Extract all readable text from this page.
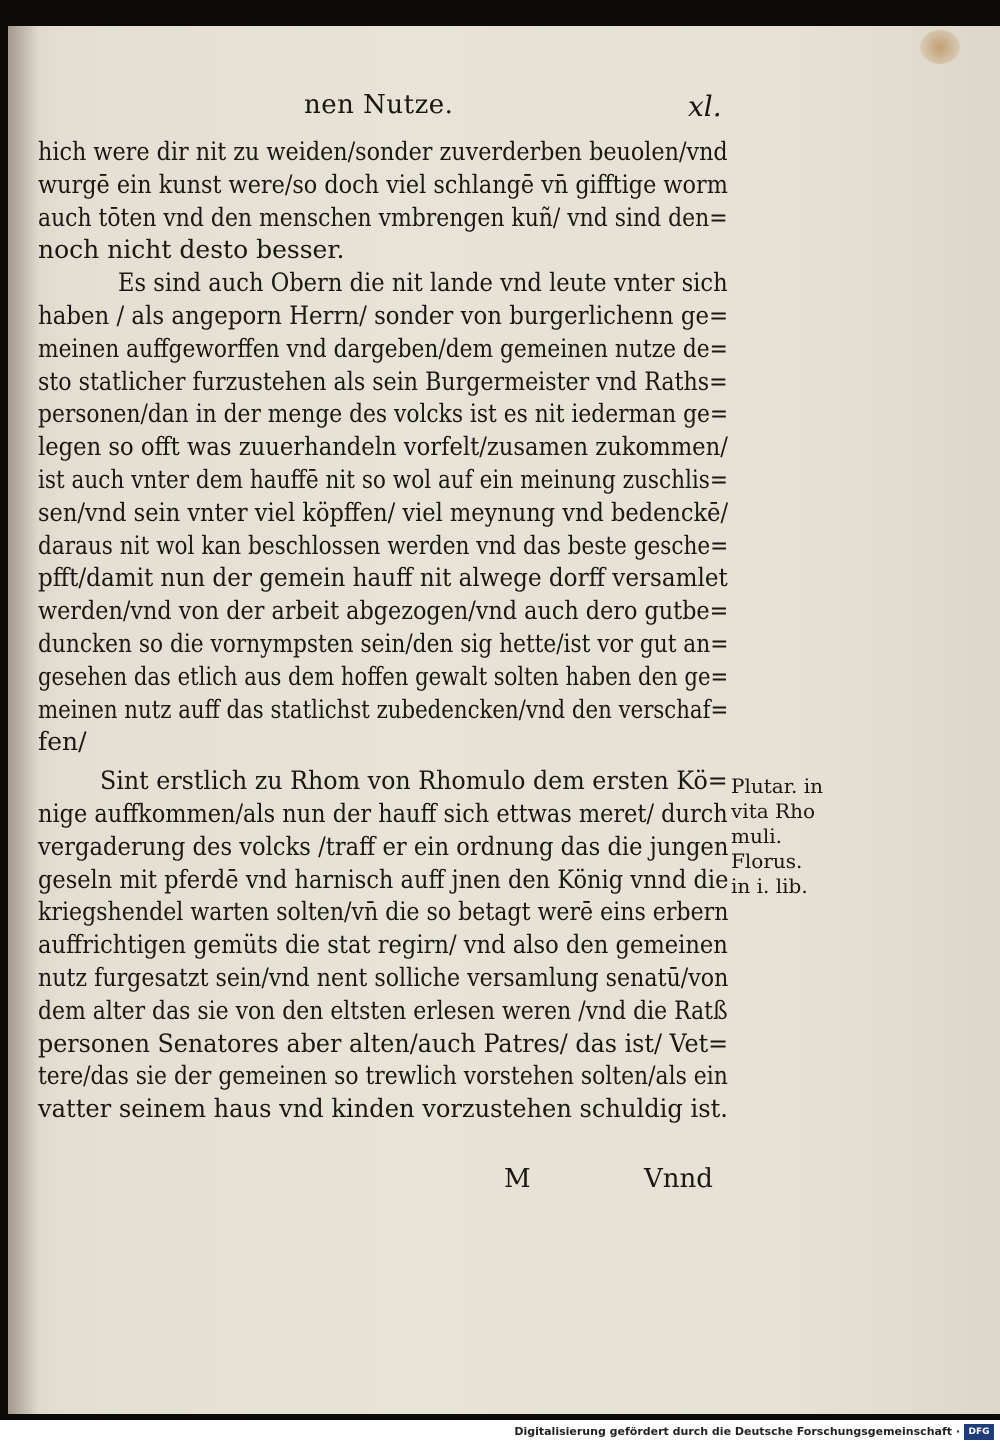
nen Nutze.	xl.
hich were dir nit zu weiden/sonder zuverderben beuolen/vnd
wurgē ein kunst were/so doch viel schlangē vn̄ gifftige worm
auch tōten vnd den menschen vmbrengen kuñ/ vnd sind den=
noch nicht desto besser.
Es sind auch Obern die nit lande vnd leute vnter sich
haben / als angeporn Herrn/ sonder von burgerlichenn ge=
meinen auffgeworffen vnd dargeben/dem gemeinen nutze de=
sto statlicher furzustehen als sein Burgermeister vnd Raths=
personen/dan in der menge des volcks ist es nit iederman ge=
legen so offt was zuuerhandeln vorfelt/zusamen zukommen/
ist auch vnter dem hauffē nit so wol auf ein meinung zuschlis=
sen/vnd sein vnter viel köpffen/ viel meynung vnd bedenckē/
daraus nit wol kan beschlossen werden vnd das beste gesche=
pfft/damit nun der gemein hauff nit alwege dorff versamlet
werden/vnd von der arbeit abgezogen/vnd auch dero gutbe=
duncken so die vornympsten sein/den sig hette/ist vor gut an=
gesehen das etlich aus dem hoffen gewalt solten haben den ge=
meinen nutz auff das statlichst zubedencken/vnd den verschaf=
fen/
Sint erstlich zu Rhom von Rhomulo dem ersten Kö=
nige auffkommen/als nun der hauff sich ettwas meret/ durch
vergaderung des volcks /traff er ein ordnung das die jungen
geseln mit pferdē vnd harnisch auff jnen den König vnnd die
kriegshendel warten solten/vn̄ die so betagt werē eins erbern
auffrichtigen gemüts die stat regirn/ vnd also den gemeinen
nutz furgesatzt sein/vnd nent solliche versamlung senatū/von
dem alter das sie von den eltsten erlesen weren /vnd die Ratß
personen Senatores aber alten/auch Patres/ das ist/ Vet=
tere/das sie der gemeinen so trewlich vorstehen solten/als ein
vatter seinem haus vnd kinden vorzustehen schuldig ist.
Plutar. in
vita Rho
muli.
Florus.
in i. lib.
M	Vnnd
Digitalisierung gefördert durch die Deutsche Forschungsgemeinschaft · DFG
